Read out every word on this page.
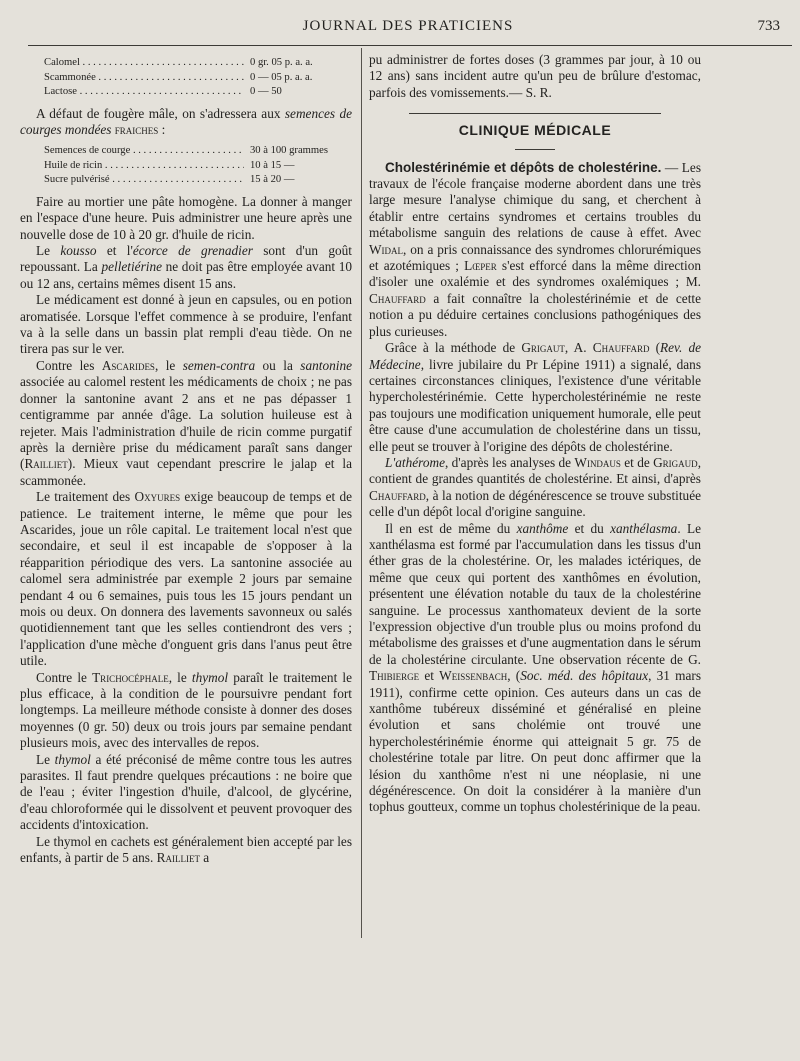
JOURNAL DES PRATICIENS	733
Calomel . . .	0 gr. 05 p. a. a.
Scammonée . . .	0 — 05 p. a. a.
Lactose . . .	0 — 50

A défaut de fougère mâle, on s'adressera aux semences de courges mondées fraiches :

Semences de courge . . .	30 à 100 grammes
Huile de ricin . . .	10 à 15 —
Sucre pulvérisé . . .	15 à 20 —

Faire au mortier une pâte homogène. La donner à manger en l'espace d'une heure. Puis administrer une heure après une nouvelle dose de 10 à 20 gr. d'huile de ricin.

Le kousso et l'écorce de grenadier sont d'un goût repoussant. La pelletiérine ne doit pas être employée avant 10 ou 12 ans, certains mêmes disent 15 ans.

Le médicament est donné à jeun en capsules, ou en potion aromatisée. Lorsque l'effet commence à se produire, l'enfant va à la selle dans un bassin plat rempli d'eau tiède. On ne tirera pas sur le ver.

Contre les Ascarides, le semen-contra ou la santonine associée au calomel restent les médicaments de choix ; ne pas donner la santonine avant 2 ans et ne pas dépasser 1 centigramme par année d'âge. La solution huileuse est à rejeter. Mais l'administration d'huile de ricin comme purgatif après la dernière prise du médicament paraît sans danger (Railliet). Mieux vaut cependant prescrire le jalap et la scammonée.

Le traitement des Oxyures exige beaucoup de temps et de patience. Le traitement interne, le même que pour les Ascarides, joue un rôle capital. Le traitement local n'est que secondaire, et seul il est incapable de s'opposer à la réapparition périodique des vers. La santonine associée au calomel sera administrée par exemple 2 jours par semaine pendant 4 ou 6 semaines, puis tous les 15 jours pendant un mois ou deux. On donnera des lavements savonneux ou salés quotidiennement tant que les selles contiendront des vers ; l'application d'une mèche d'onguent gris dans l'anus peut être utile.

Contre le Trichocéphale, le thymol paraît le traitement le plus efficace, à la condition de le poursuivre pendant fort longtemps. La meilleure méthode consiste à donner des doses moyennes (0 gr. 50) deux ou trois jours par semaine pendant plusieurs mois, avec des intervalles de repos.

Le thymol a été préconisé de même contre tous les autres parasites. Il faut prendre quelques précautions : ne boire que de l'eau ; éviter l'ingestion d'huile, d'alcool, de glycérine, d'eau chloroformée qui le dissolvent et peuvent provoquer des accidents d'intoxication.

Le thymol en cachets est généralement bien accepté par les enfants, à partir de 5 ans. Railliet a

pu administrer de fortes doses (3 grammes par jour, à 10 ou 12 ans) sans incident autre qu'un peu de brûlure d'estomac, parfois des vomissements.— S. R.

CLINIQUE MÉDICALE

Cholestérinémie et dépôts de cholestérine. — Les travaux de l'école française moderne abordent dans une très large mesure l'analyse chimique du sang, et cherchent à établir entre certains syndromes et certains troubles du métabolisme sanguin des relations de cause à effet. Avec Widal, on a pris connaissance des syndromes chlorurémiques et azotémiques ; Lœper s'est efforcé dans la même direction d'isoler une oxalémie et des syndromes oxalémiques ; M. Chauffard a fait connaître la cholestérinémie et de cette notion a pu déduire certaines conclusions pathogéniques des plus curieuses.

Grâce à la méthode de Grigaut, A. Chauffard (Rev. de Médecine, livre jubilaire du Pr Lépine 1911) a signalé, dans certaines circonstances cliniques, l'existence d'une véritable hypercholestérinémie. Cette hypercholestérinémie ne reste pas toujours une modification uniquement humorale, elle peut être cause d'une accumulation de cholestérine dans un tissu, elle peut se trouver à l'origine des dépôts de cholestérine.

L'athérome, d'après les analyses de Windaus et de Grigaud, contient de grandes quantités de cholestérine. Et ainsi, d'après Chauffard, à la notion de dégénérescence se trouve substituée celle d'un dépôt local d'origine sanguine.

Il en est de même du xanthôme et du xanthélasma. Le xanthélasma est formé par l'accumulation dans les tissus d'un éther gras de la cholestérine. Or, les malades ictériques, de même que ceux qui portent des xanthômes en évolution, présentent une élévation notable du taux de la cholestérine sanguine. Le processus xanthomateux devient de la sorte l'expression objective d'un trouble plus ou moins profond du métabolisme des graisses et d'une augmentation dans le sérum de la cholestérine circulante. Une observation récente de G. Thibierge et Weissenbach, (Soc. méd. des hôpitaux, 31 mars 1911), confirme cette opinion. Ces auteurs dans un cas de xanthôme tubéreux disséminé et généralisé en pleine évolution et sans cholémie ont trouvé une hypercholestérinémie énorme qui atteignait 5 gr. 75 de cholestérine totale par litre. On peut donc affirmer que la lésion du xanthôme n'est ni une néoplasie, ni une dégénérescence. On doit la considérer à la manière d'un tophus goutteux, comme un tophus cholestérinique de la peau.
